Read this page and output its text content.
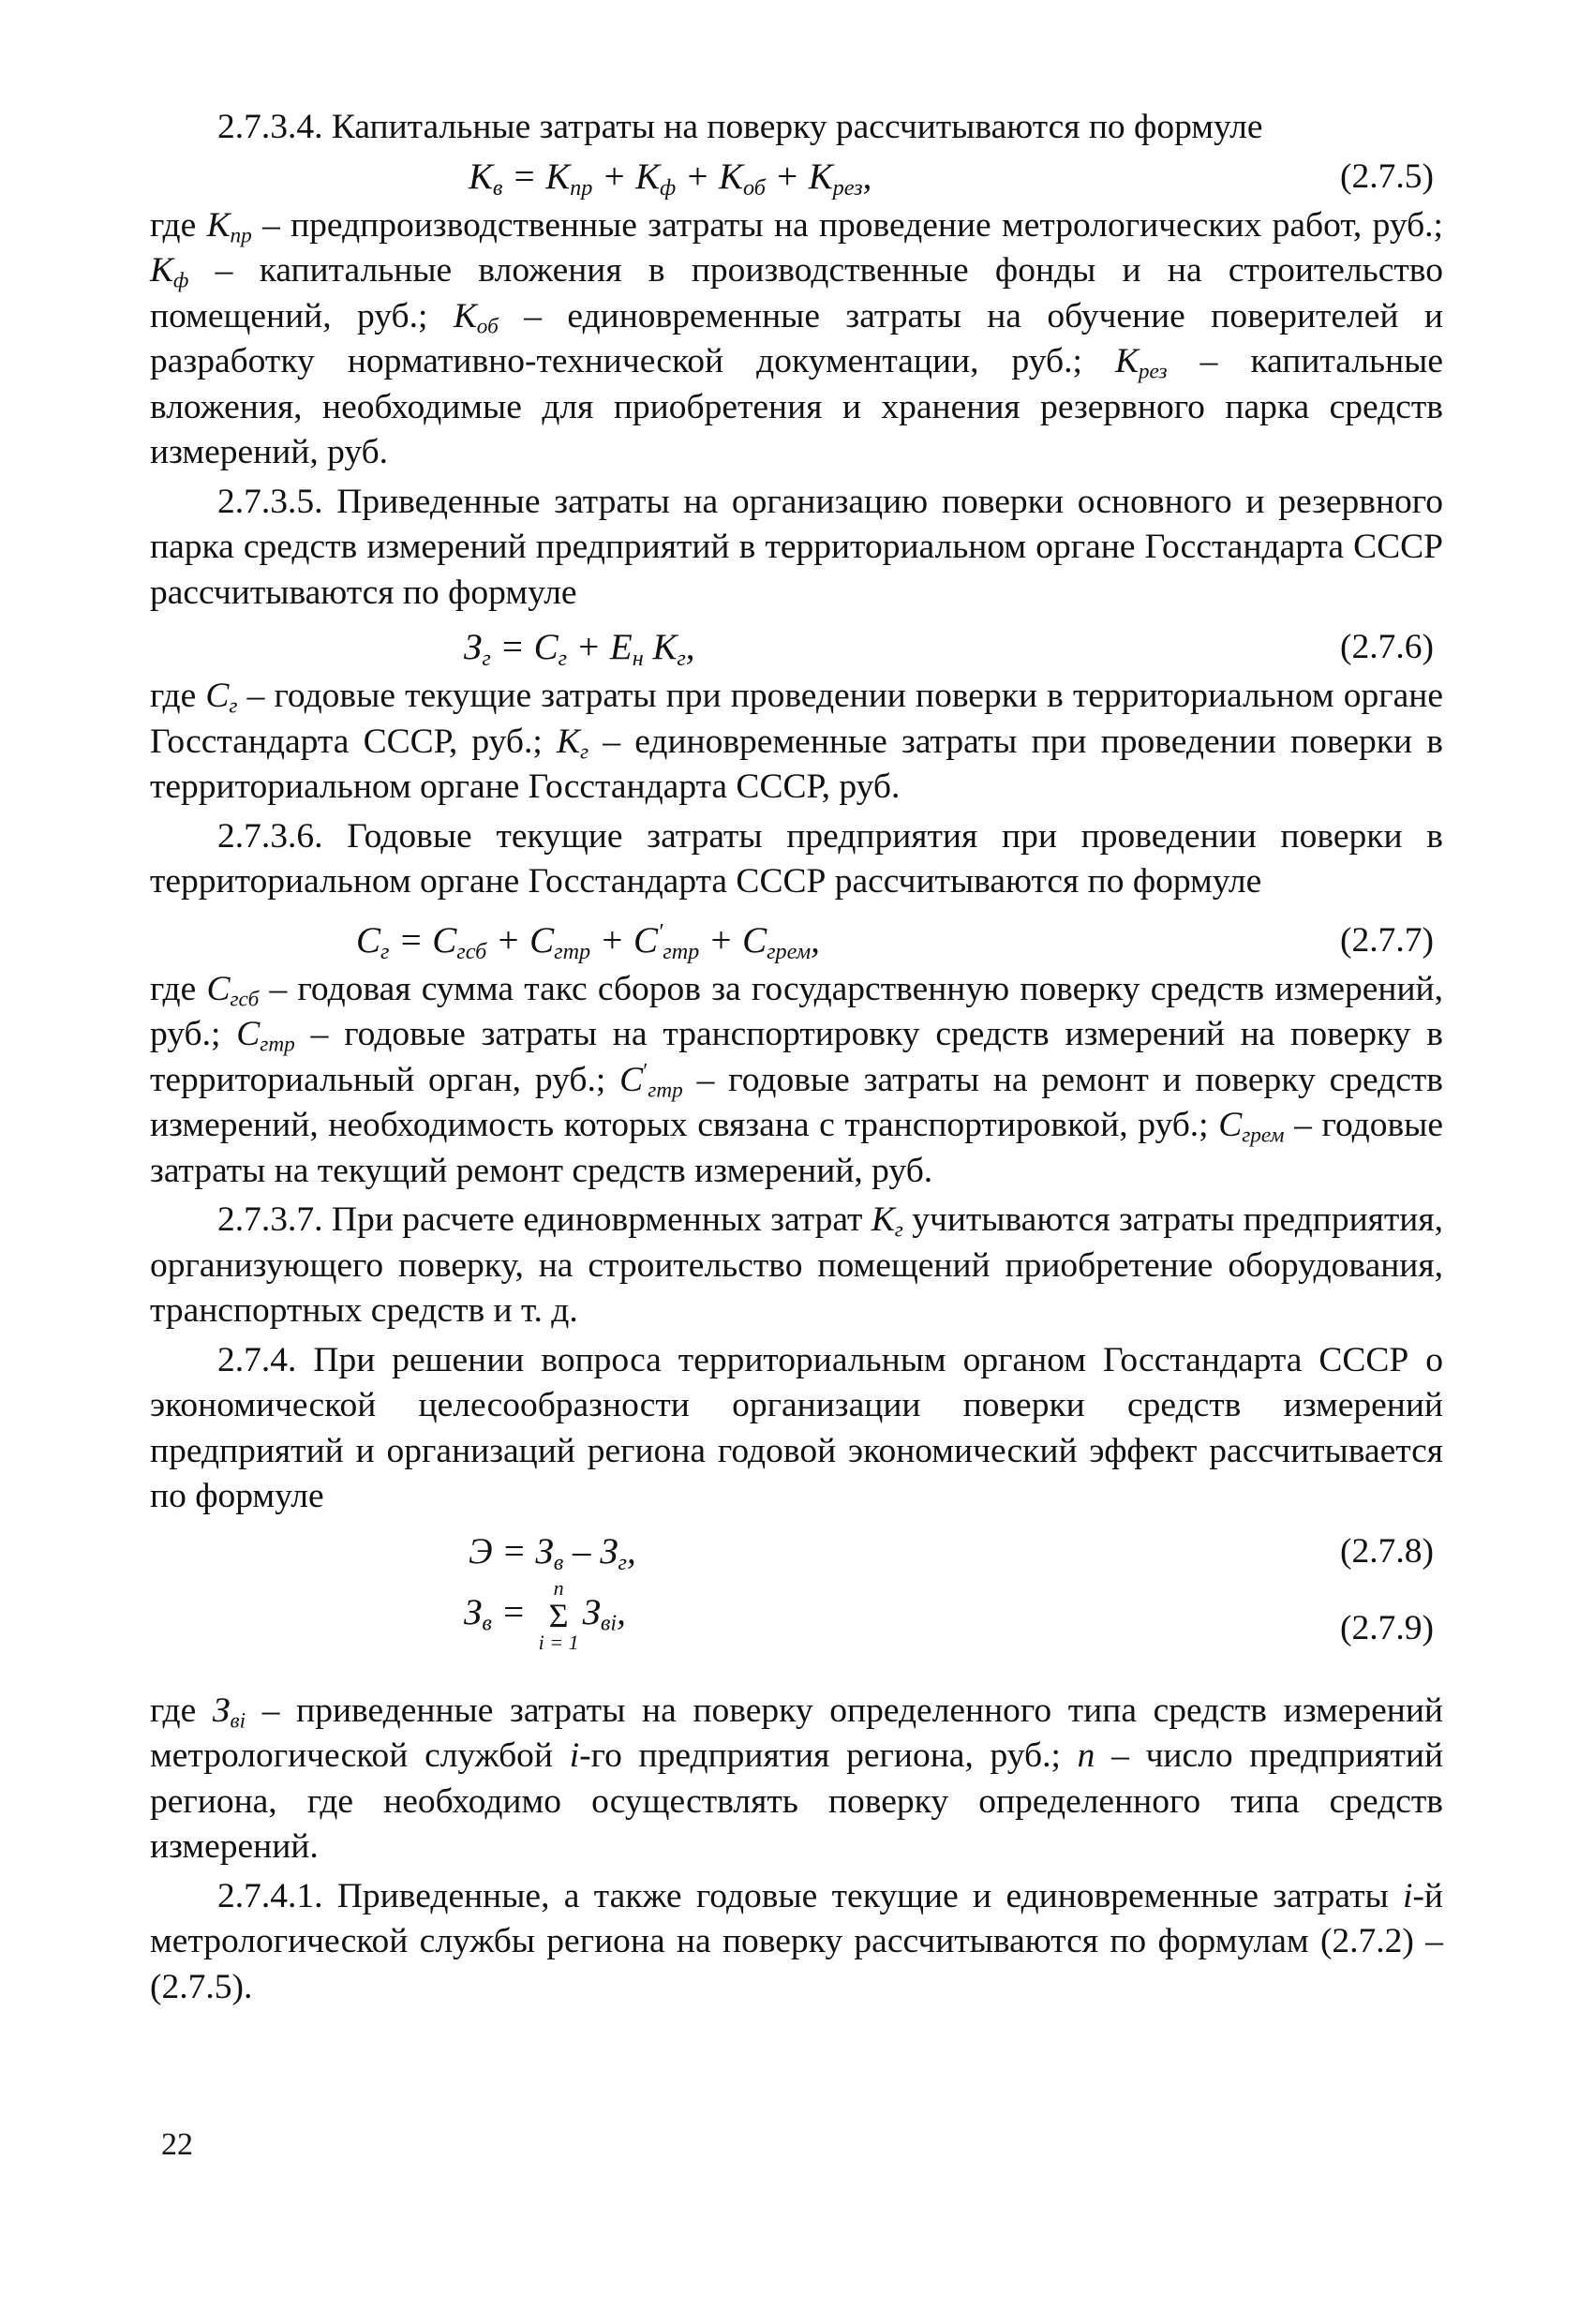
2.7.3.4. Капитальные затраты на поверку рассчитываются по формуле

$К_в = К_{пр} + К_ф + К_{об} + К_{рез}$,	(2.7.5)

где $К_{пр}$ – предпроизводственные затраты на проведение метрологических работ, руб.; $К_ф$ – капитальные вложения в производственные фонды и на строительство помещений, руб.; $К_{об}$ – единовременные затраты на обучение поверителей и разработку нормативно-технической документации, руб.; $К_{рез}$ – капитальные вложения, необходимые для приобретения и хранения резервного парка средств измерений, руб.

2.7.3.5. Приведенные затраты на организацию поверки основного и резервного парка средств измерений предприятий в территориальном органе Госстандарта СССР рассчитываются по формуле

$З_г = С_г + Е_н$ $К_г$,	(2.7.6)

где $С_г$ – годовые текущие затраты при проведении поверки в территориальном органе Госстандарта СССР, руб.; $К_г$ – единовременные затраты при проведении поверки в территориальном органе Госстандарта СССР, руб.

2.7.3.6. Годовые текущие затраты предприятия при проведении поверки в территориальном органе Госстандарта СССР рассчитываются по формуле

$С_г = С_{гсб} + С_{гтр} + С'_{гтр} + С_{грем}$,	(2.7.7)

где $С_{гсб}$ – годовая сумма такс сборов за государственную поверку средств измерений, руб.; $С_{гтр}$ – годовые затраты на транспортировку средств измерений на поверку в территориальный орган, руб.; $С'_{гтр}$ – годовые затраты на ремонт и поверку средств измерений, необходимость которых связана с транспортировкой, руб.; $С_{грем}$ – годовые затраты на текущий ремонт средств измерений, руб.

2.7.3.7. При расчете единоврменных затрат $К_г$ учитываются затраты предприятия, организующего поверку, на строительство помещений приобретение оборудования, транспортных средств и т. д.

2.7.4. При решении вопроса территориальным органом Госстандарта СССР о экономической целесообразности организации поверки средств измерений предприятий и организаций региона годовой экономический эффект рассчитывается по формуле

$Э = З_в - З_г$,	(2.7.8)
$З_в$ =
n
Σ
i = 1
$З_{вi}$,	(2.7.9)

где $З_{вi}$ – приведенные затраты на поверку определенного типа средств измерений метрологической службой i-го предприятия региона, руб.; n – число предприятий региона, где необходимо осуществлять поверку определенного типа средств измерений.

2.7.4.1. Приведенные, а также годовые текущие и единовременные затраты i-й метрологической службы региона на поверку рассчитываются по формулам (2.7.2) – (2.7.5).

22
